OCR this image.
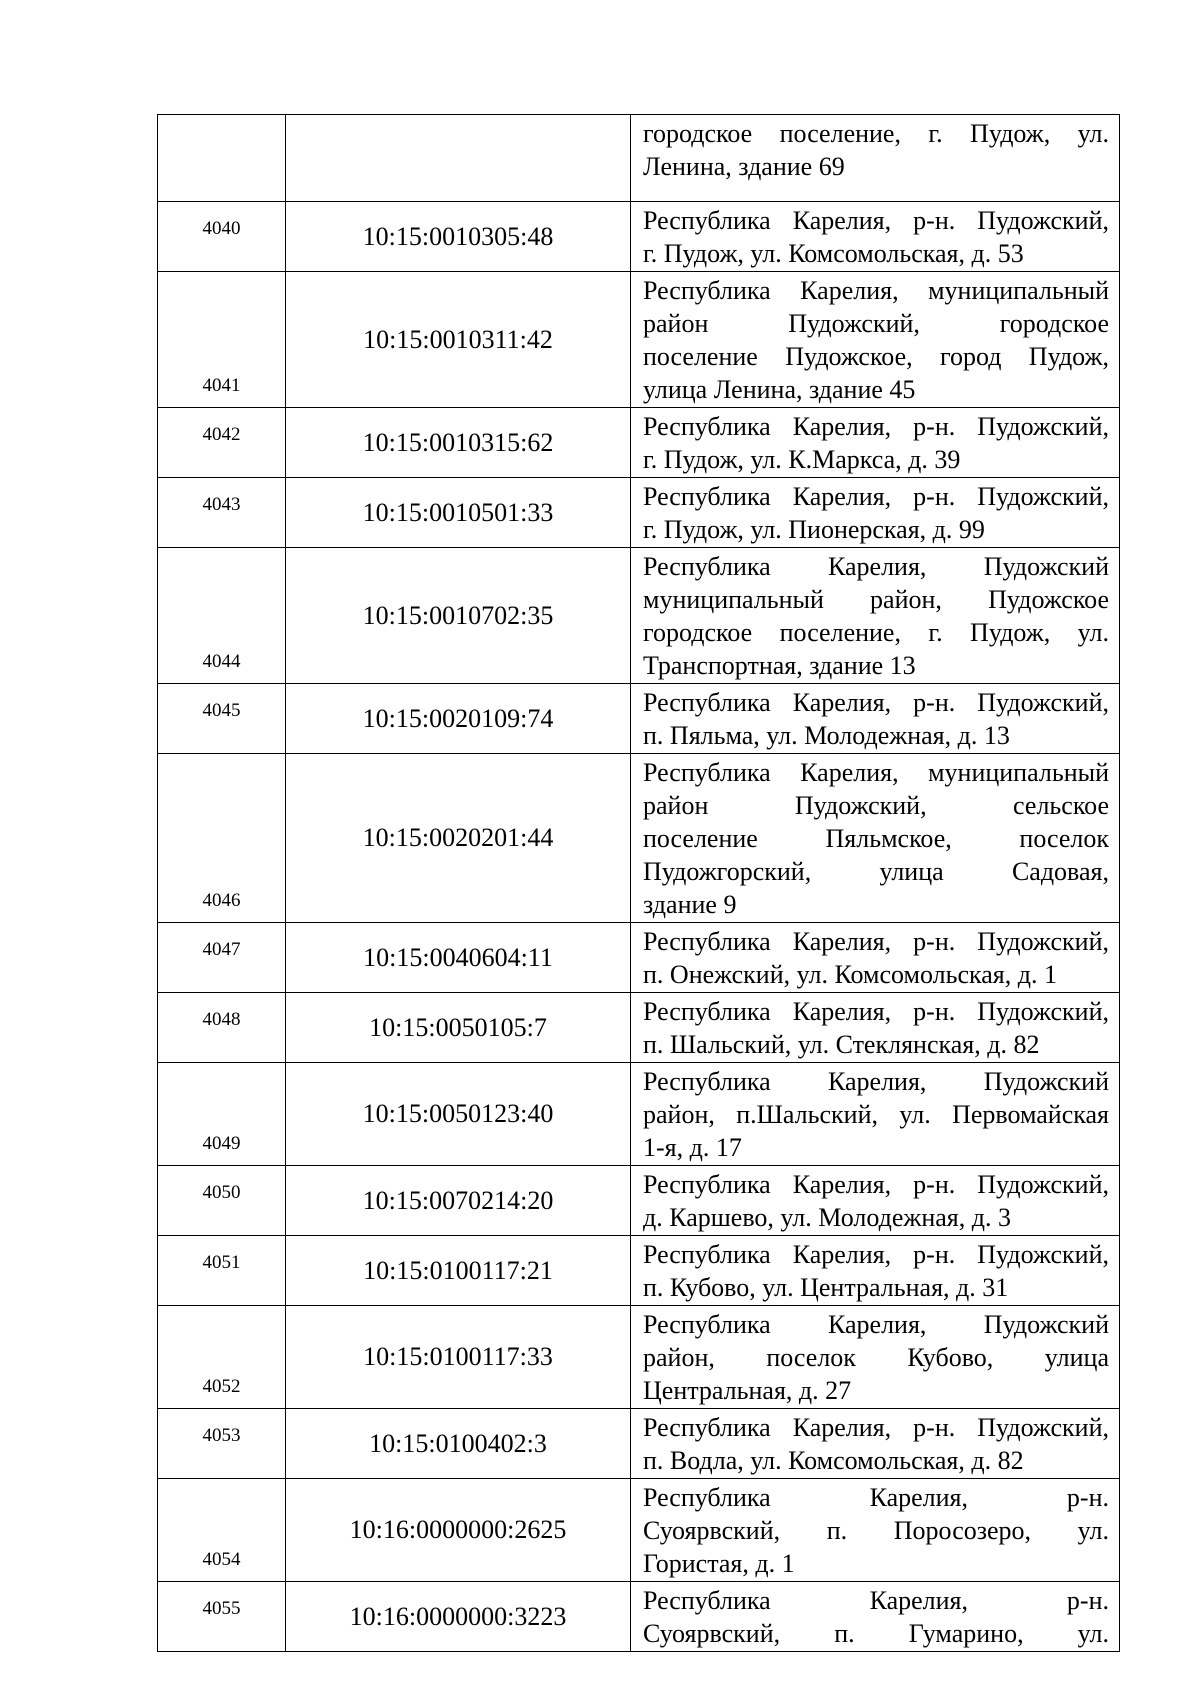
		городское поселение, г. Пудож, ул.
Ленина, здание 69

4040	10:15:0010305:48	Республика Карелия, р-н. Пудожский,
г. Пудож, ул. Комсомольская, д. 53

4041	10:15:0010311:42	Республика Карелия, муниципальный
район Пудожский, городское
поселение Пудожское, город Пудож,
улица Ленина, здание 45

4042	10:15:0010315:62	Республика Карелия, р-н. Пудожский,
г. Пудож, ул. К.Маркса, д. 39

4043	10:15:0010501:33	Республика Карелия, р-н. Пудожский,
г. Пудож, ул. Пионерская, д. 99

4044	10:15:0010702:35	Республика Карелия, Пудожский
муниципальный район, Пудожское
городское поселение, г. Пудож, ул.
Транспортная, здание 13

4045	10:15:0020109:74	Республика Карелия, р-н. Пудожский,
п. Пяльма, ул. Молодежная, д. 13

4046	10:15:0020201:44	Республика Карелия, муниципальный
район Пудожский, сельское
поселение Пяльмское, поселок
Пудожгорский, улица Садовая,
здание 9

4047	10:15:0040604:11	Республика Карелия, р-н. Пудожский,
п. Онежский, ул. Комсомольская, д. 1

4048	10:15:0050105:7	Республика Карелия, р-н. Пудожский,
п. Шальский, ул. Стеклянская, д. 82

4049	10:15:0050123:40	Республика Карелия, Пудожский
район, п.Шальский, ул. Первомайская
1-я, д. 17

4050	10:15:0070214:20	Республика Карелия, р-н. Пудожский,
д. Каршево, ул. Молодежная, д. 3

4051	10:15:0100117:21	Республика Карелия, р-н. Пудожский,
п. Кубово, ул. Центральная, д. 31

4052	10:15:0100117:33	Республика Карелия, Пудожский
район, поселок Кубово, улица
Центральная, д. 27

4053	10:15:0100402:3	Республика Карелия, р-н. Пудожский,
п. Водла, ул. Комсомольская, д. 82

4054	10:16:0000000:2625	Республика Карелия, р-н.
Суоярвский, п. Поросозеро, ул.
Гористая, д. 1

4055	10:16:0000000:3223	Республика Карелия, р-н.
Суоярвский, п. Гумарино, ул.
